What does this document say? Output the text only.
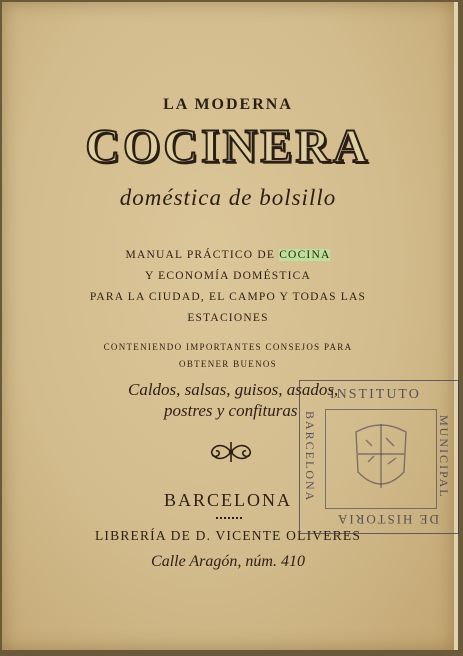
LA MODERNA
COCINERA
doméstica de bolsillo
MANUAL PRÁCTICO DE COCINA
Y ECONOMÍA DOMÉSTICA
PARA LA CIUDAD, EL CAMPO Y TODAS LAS
ESTACIONES
CONTENIENDO IMPORTANTES CONSEJOS PARA
OBTENER BUENOS
Caldos, salsas, guisos, asados,
postres y confituras
BARCELONA
LIBRERÍA DE D. VICENTE OLIVERES
Calle Aragón, núm. 410
INSTITUTO
BARCELONA	MUNICIPAL
DE HISTORIA
